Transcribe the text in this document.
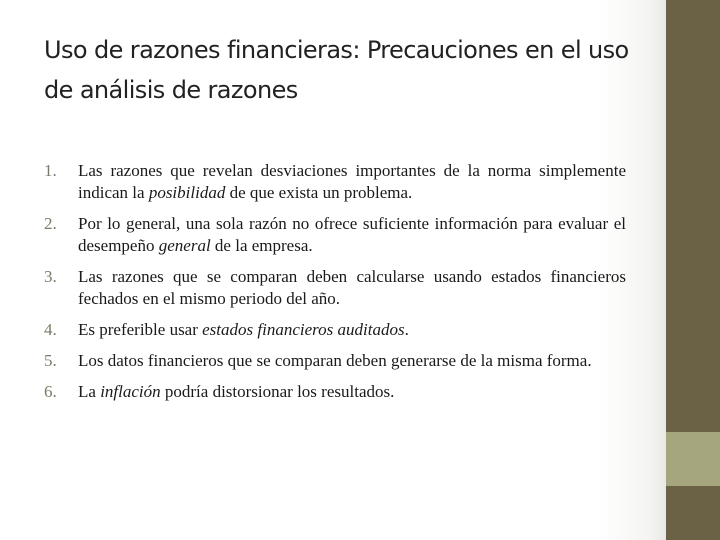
Uso de razones financieras: Precauciones en el uso de análisis de razones
1.	Las razones que revelan desviaciones importantes de la norma simplemente indican la posibilidad de que exista un problema.
2.	Por lo general, una sola razón no ofrece suficiente información para evaluar el desempeño general de la empresa.
3.	Las razones que se comparan deben calcularse usando estados financieros fechados en el mismo periodo del año.
4.	Es preferible usar estados financieros auditados.
5.	Los datos financieros que se comparan deben generarse de la misma forma.
6.	La inflación podría distorsionar los resultados.
